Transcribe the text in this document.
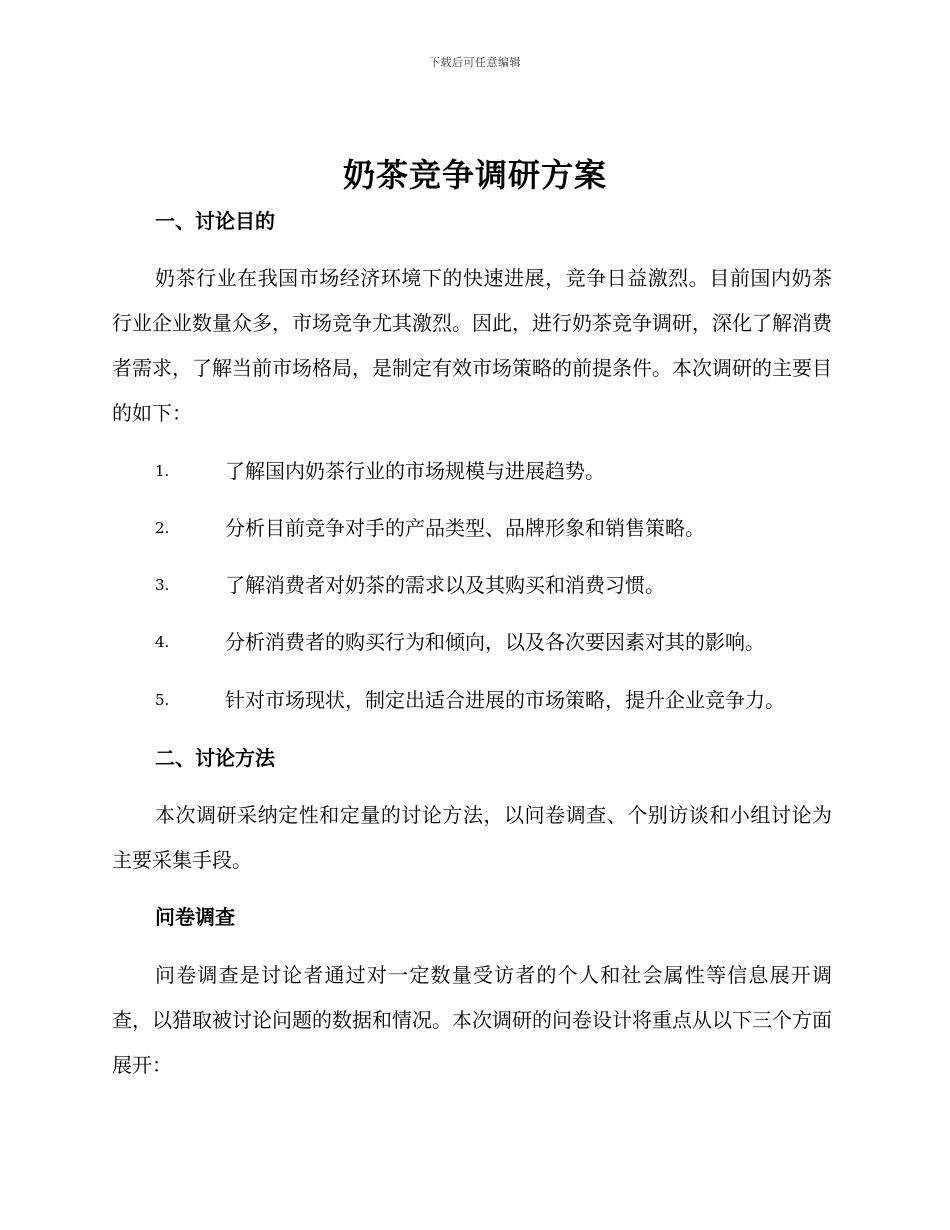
下载后可任意编辑
奶茶竞争调研方案
一、讨论目的

奶茶行业在我国市场经济环境下的快速进展，竞争日益激烈。目前国内奶茶行业企业数量众多，市场竞争尤其激烈。因此，进行奶茶竞争调研，深化了解消费者需求，了解当前市场格局，是制定有效市场策略的前提条件。本次调研的主要目的如下：

1.	了解国内奶茶行业的市场规模与进展趋势。
2.	分析目前竞争对手的产品类型、品牌形象和销售策略。
3.	了解消费者对奶茶的需求以及其购买和消费习惯。
4.	分析消费者的购买行为和倾向，以及各次要因素对其的影响。
5.	针对市场现状，制定出适合进展的市场策略，提升企业竞争力。
二、讨论方法

本次调研采纳定性和定量的讨论方法，以问卷调查、个别访谈和小组讨论为主要采集手段。

问卷调查

问卷调查是讨论者通过对一定数量受访者的个人和社会属性等信息展开调查，以猎取被讨论问题的数据和情况。本次调研的问卷设计将重点从以下三个方面展开：
